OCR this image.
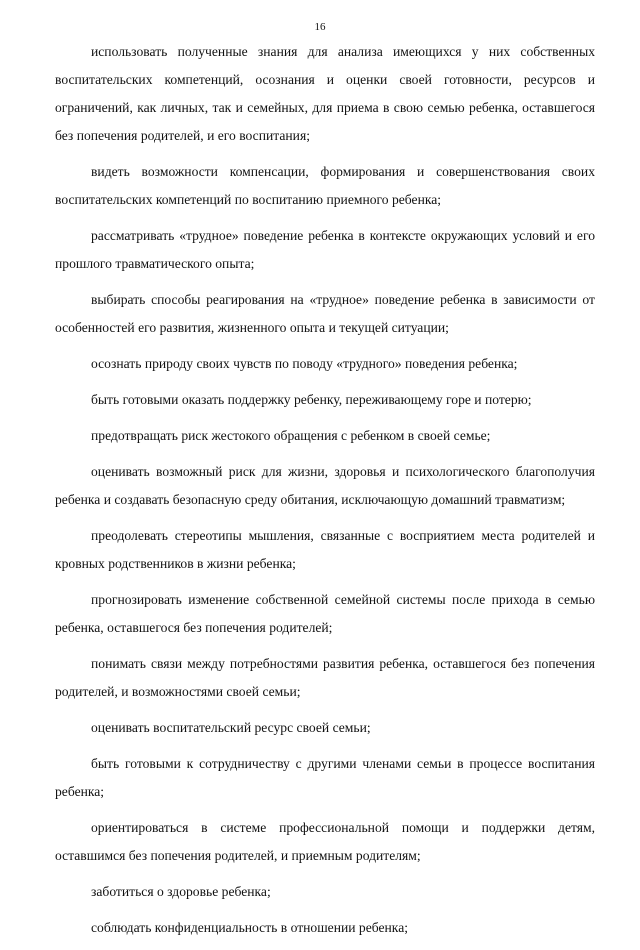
16

использовать полученные знания для анализа имеющихся у них собственных воспитательских компетенций, осознания и оценки своей готовности, ресурсов и ограничений, как личных, так и семейных, для приема в свою семью ребенка, оставшегося без попечения родителей, и его воспитания;

видеть возможности компенсации, формирования и совершенствования своих воспитательских компетенций по воспитанию приемного ребенка;

рассматривать «трудное» поведение ребенка в контексте окружающих условий и его прошлого травматического опыта;

выбирать способы реагирования на «трудное» поведение ребенка в зависимости от особенностей его развития, жизненного опыта и текущей ситуации;

осознать природу своих чувств по поводу «трудного» поведения ребенка;

быть готовыми оказать поддержку ребенку, переживающему горе и потерю;

предотвращать риск жестокого обращения с ребенком в своей семье;

оценивать возможный риск для жизни, здоровья и психологического благополучия ребенка и создавать безопасную среду обитания, исключающую домашний травматизм;

преодолевать стереотипы мышления, связанные с восприятием места родителей и кровных родственников в жизни ребенка;

прогнозировать изменение собственной семейной системы после прихода в семью ребенка, оставшегося без попечения родителей;

понимать связи между потребностями развития ребенка, оставшегося без попечения родителей, и возможностями своей семьи;

оценивать воспитательский ресурс своей семьи;

быть готовыми к сотрудничеству с другими членами семьи в процессе воспитания ребенка;

ориентироваться в системе профессиональной помощи и поддержки детям, оставшимся без попечения родителей, и приемным родителям;

заботиться о здоровье ребенка;

соблюдать конфиденциальность в отношении ребенка;
